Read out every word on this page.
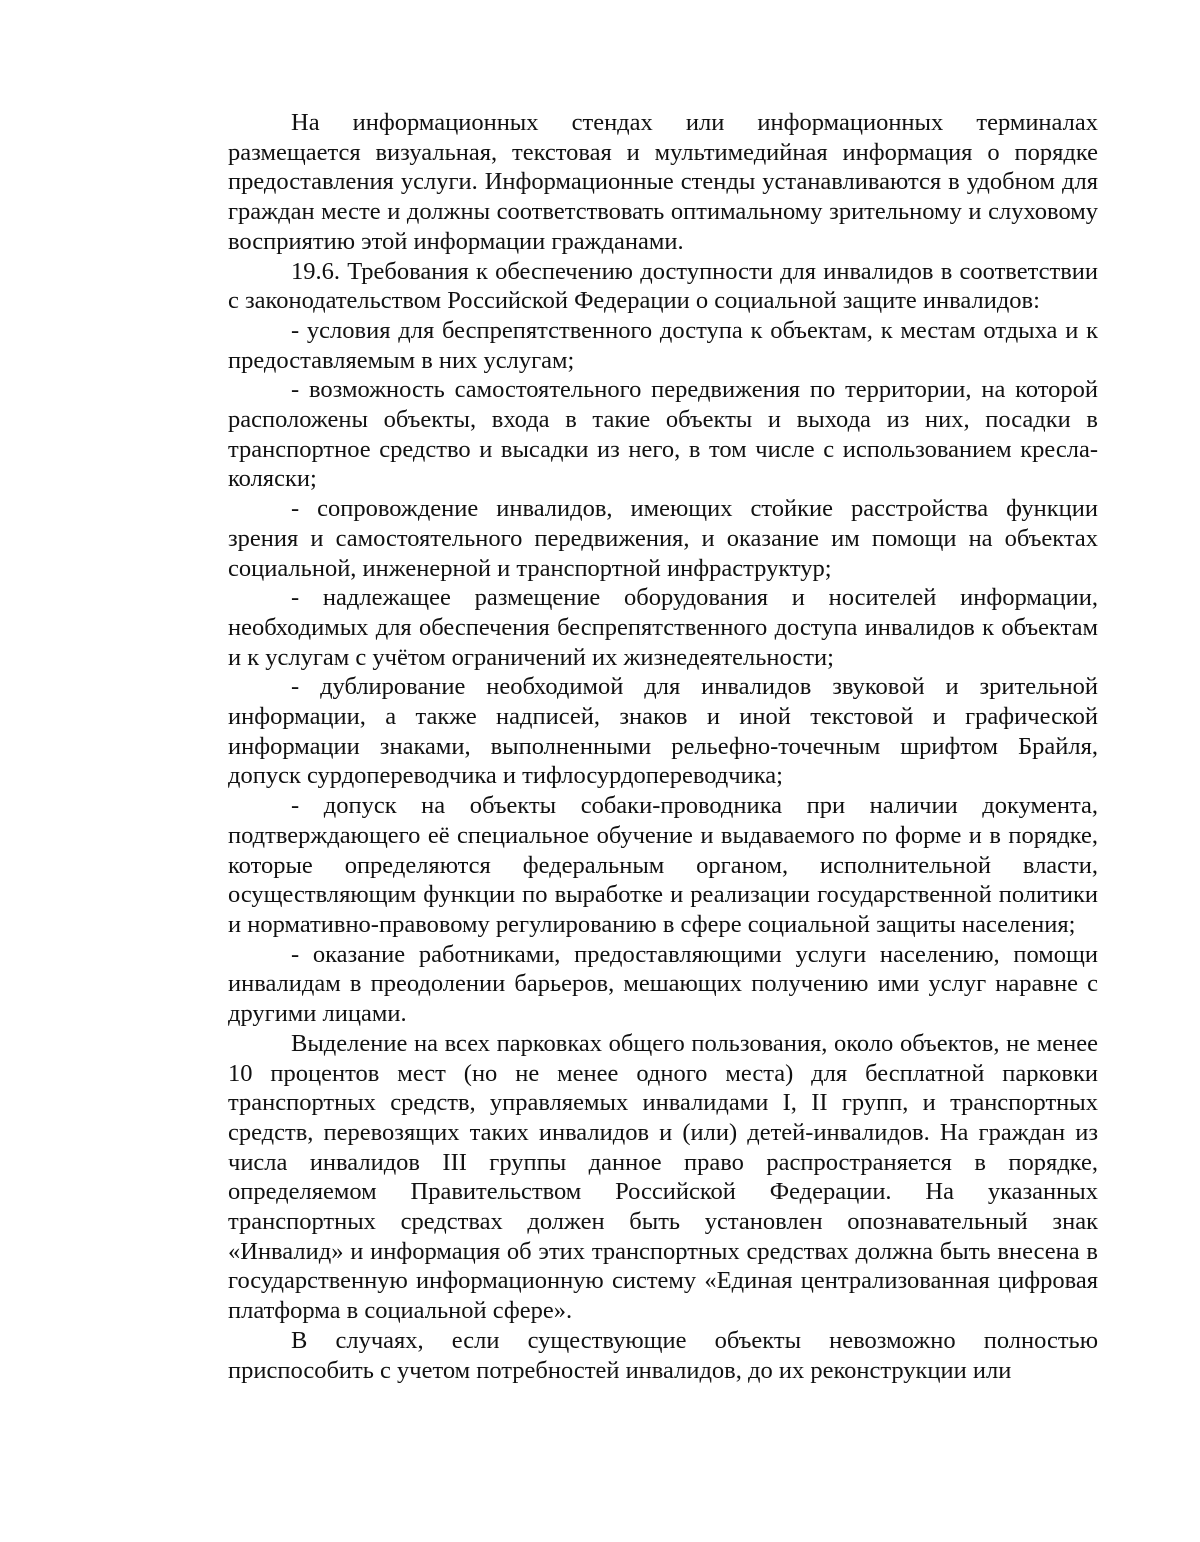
На информационных стендах или информационных терминалах размещается визуальная, текстовая и мультимедийная информация о порядке предоставления услуги. Информационные стенды устанавливаются в удобном для граждан месте и должны соответствовать оптимальному зрительному и слуховому восприятию этой информации гражданами.

19.6. Требования к обеспечению доступности для инвалидов в соответствии с законодательством Российской Федерации о социальной защите инвалидов:

- условия для беспрепятственного доступа к объектам, к местам отдыха и к предоставляемым в них услугам;

- возможность самостоятельного передвижения по территории, на которой расположены объекты, входа в такие объекты и выхода из них, посадки в транспортное средство и высадки из него, в том числе с использованием кресла- коляски;

- сопровождение инвалидов, имеющих стойкие расстройства функции зрения и самостоятельного передвижения, и оказание им помощи на объектах социальной, инженерной и транспортной инфраструктур;

- надлежащее размещение оборудования и носителей информации, необходимых для обеспечения беспрепятственного доступа инвалидов к объектам и к услугам с учётом ограничений их жизнедеятельности;

- дублирование необходимой для инвалидов звуковой и зрительной информации, а также надписей, знаков и иной текстовой и графической информации знаками, выполненными рельефно-точечным шрифтом Брайля, допуск сурдопереводчика и тифлосурдопереводчика;

- допуск на объекты собаки-проводника при наличии документа, подтверждающего её специальное обучение и выдаваемого по форме и в порядке, которые определяются федеральным органом, исполнительной власти, осуществляющим функции по выработке и реализации государственной политики и нормативно-правовому регулированию в сфере социальной защиты населения;

- оказание работниками, предоставляющими услуги населению, помощи инвалидам в преодолении барьеров, мешающих получению ими услуг наравне с другими лицами.

Выделение на всех парковках общего пользования, около объектов, не менее 10 процентов мест (но не менее одного места) для бесплатной парковки транспортных средств, управляемых инвалидами I, II групп, и транспортных средств, перевозящих таких инвалидов и (или) детей-инвалидов. На граждан из числа инвалидов III группы данное право распространяется в порядке, определяемом Правительством Российской Федерации. На указанных транспортных средствах должен быть установлен опознавательный знак «Инвалид» и информация об этих транспортных средствах должна быть внесена в государственную информационную систему «Единая централизованная цифровая платформа в социальной сфере».

В случаях, если существующие объекты невозможно полностью приспособить с учетом потребностей инвалидов, до их реконструкции или
